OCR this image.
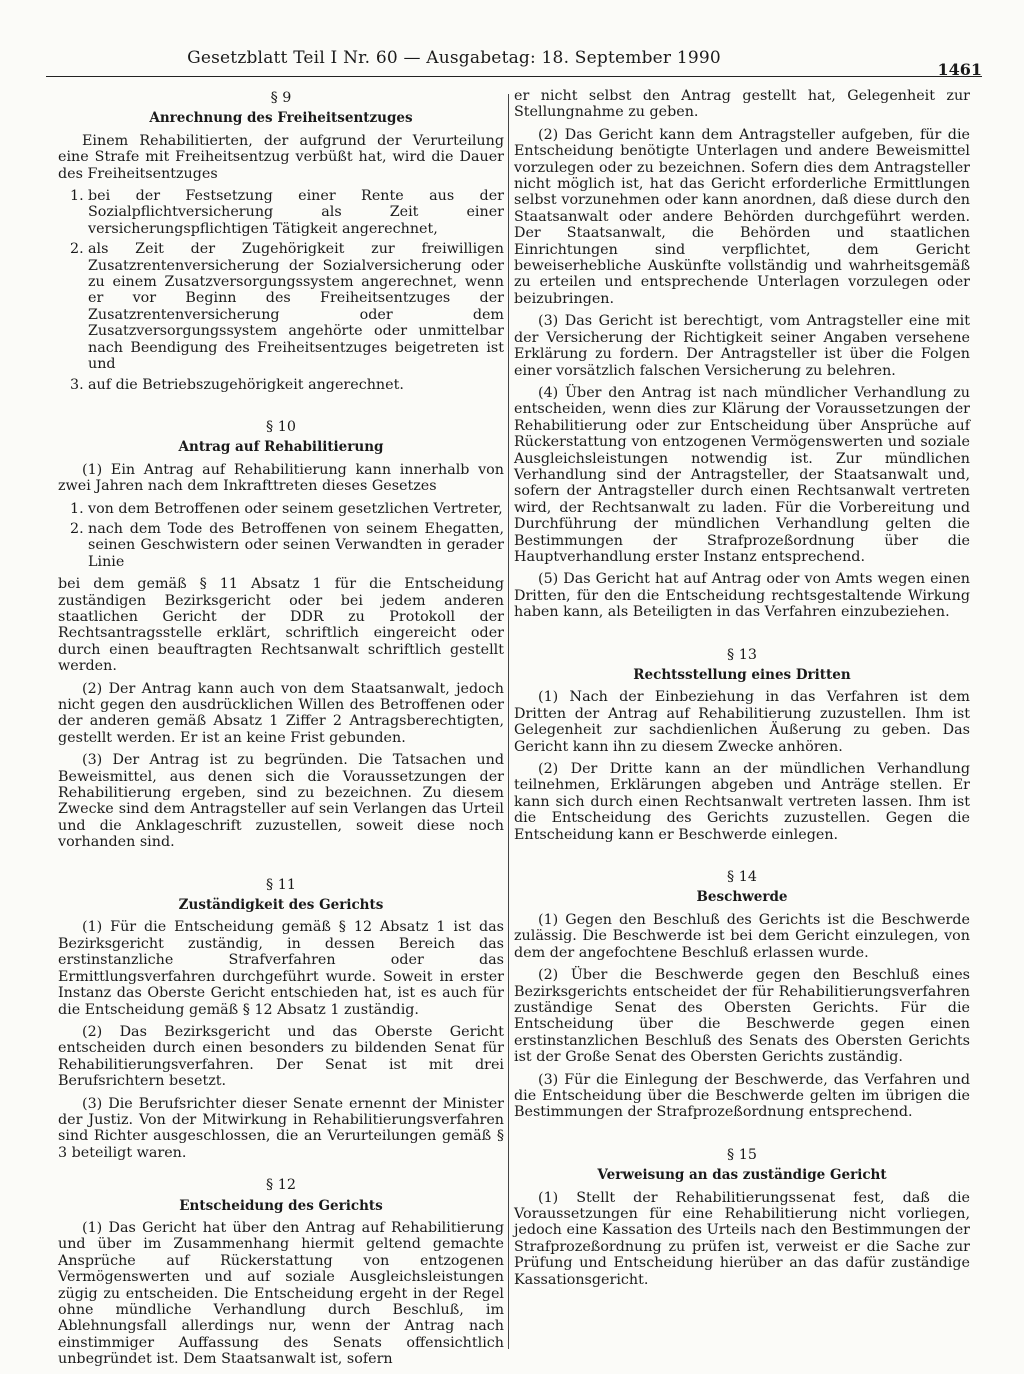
Gesetzblatt Teil I Nr. 60 — Ausgabetag: 18. September 1990
1461
§ 9
Anrechnung des Freiheitsentzuges

Einem Rehabilitierten, der aufgrund der Verurteilung eine Strafe mit Freiheitsentzug verbüßt hat, wird die Dauer des Freiheitsentzuges

1. bei der Festsetzung einer Rente aus der Sozialpflichtversicherung als Zeit einer versicherungspflichtigen Tätigkeit angerechnet,
2. als Zeit der Zugehörigkeit zur freiwilligen Zusatzrentenversicherung der Sozialversicherung oder zu einem Zusatzversorgungssystem angerechnet, wenn er vor Beginn des Freiheitsentzuges der Zusatzrentenversicherung oder dem Zusatzversorgungssystem angehörte oder unmittelbar nach Beendigung des Freiheitsentzuges beigetreten ist und
3. auf die Betriebszugehörigkeit angerechnet.
§ 10
Antrag auf Rehabilitierung

(1) Ein Antrag auf Rehabilitierung kann innerhalb von zwei Jahren nach dem Inkrafttreten dieses Gesetzes

1. von dem Betroffenen oder seinem gesetzlichen Vertreter,
2. nach dem Tode des Betroffenen von seinem Ehegatten, seinen Geschwistern oder seinen Verwandten in gerader Linie

bei dem gemäß § 11 Absatz 1 für die Entscheidung zuständigen Bezirksgericht oder bei jedem anderen staatlichen Gericht der DDR zu Protokoll der Rechtsantragsstelle erklärt, schriftlich eingereicht oder durch einen beauftragten Rechtsanwalt schriftlich gestellt werden.

(2) Der Antrag kann auch von dem Staatsanwalt, jedoch nicht gegen den ausdrücklichen Willen des Betroffenen oder der anderen gemäß Absatz 1 Ziffer 2 Antragsberechtigten, gestellt werden. Er ist an keine Frist gebunden.

(3) Der Antrag ist zu begründen. Die Tatsachen und Beweismittel, aus denen sich die Voraussetzungen der Rehabilitierung ergeben, sind zu bezeichnen. Zu diesem Zwecke sind dem Antragsteller auf sein Verlangen das Urteil und die Anklageschrift zuzustellen, soweit diese noch vorhanden sind.

§ 11
Zuständigkeit des Gerichts

(1) Für die Entscheidung gemäß § 12 Absatz 1 ist das Bezirksgericht zuständig, in dessen Bereich das erstinstanzliche Strafverfahren oder das Ermittlungsverfahren durchgeführt wurde. Soweit in erster Instanz das Oberste Gericht entschieden hat, ist es auch für die Entscheidung gemäß § 12 Absatz 1 zuständig.

(2) Das Bezirksgericht und das Oberste Gericht entscheiden durch einen besonders zu bildenden Senat für Rehabilitierungsverfahren. Der Senat ist mit drei Berufsrichtern besetzt.

(3) Die Berufsrichter dieser Senate ernennt der Minister der Justiz. Von der Mitwirkung in Rehabilitierungsverfahren sind Richter ausgeschlossen, die an Verurteilungen gemäß § 3 beteiligt waren.

§ 12
Entscheidung des Gerichts

(1) Das Gericht hat über den Antrag auf Rehabilitierung und über im Zusammenhang hiermit geltend gemachte Ansprüche auf Rückerstattung von entzogenen Vermögenswerten und auf soziale Ausgleichsleistungen zügig zu entscheiden. Die Entscheidung ergeht in der Regel ohne mündliche Verhandlung durch Beschluß, im Ablehnungsfall allerdings nur, wenn der Antrag nach einstimmiger Auffassung des Senats offensichtlich unbegründet ist. Dem Staatsanwalt ist, sofern

er nicht selbst den Antrag gestellt hat, Gelegenheit zur Stellungnahme zu geben.

(2) Das Gericht kann dem Antragsteller aufgeben, für die Entscheidung benötigte Unterlagen und andere Beweismittel vorzulegen oder zu bezeichnen. Sofern dies dem Antragsteller nicht möglich ist, hat das Gericht erforderliche Ermittlungen selbst vorzunehmen oder kann anordnen, daß diese durch den Staatsanwalt oder andere Behörden durchgeführt werden. Der Staatsanwalt, die Behörden und staatlichen Einrichtungen sind verpflichtet, dem Gericht beweiserhebliche Auskünfte vollständig und wahrheitsgemäß zu erteilen und entsprechende Unterlagen vorzulegen oder beizubringen.

(3) Das Gericht ist berechtigt, vom Antragsteller eine mit der Versicherung der Richtigkeit seiner Angaben versehene Erklärung zu fordern. Der Antragsteller ist über die Folgen einer vorsätzlich falschen Versicherung zu belehren.

(4) Über den Antrag ist nach mündlicher Verhandlung zu entscheiden, wenn dies zur Klärung der Voraussetzungen der Rehabilitierung oder zur Entscheidung über Ansprüche auf Rückerstattung von entzogenen Vermögenswerten und soziale Ausgleichsleistungen notwendig ist. Zur mündlichen Verhandlung sind der Antragsteller, der Staatsanwalt und, sofern der Antragsteller durch einen Rechtsanwalt vertreten wird, der Rechtsanwalt zu laden. Für die Vorbereitung und Durchführung der mündlichen Verhandlung gelten die Bestimmungen der Strafprozeßordnung über die Hauptverhandlung erster Instanz entsprechend.

(5) Das Gericht hat auf Antrag oder von Amts wegen einen Dritten, für den die Entscheidung rechtsgestaltende Wirkung haben kann, als Beteiligten in das Verfahren einzubeziehen.

§ 13
Rechtsstellung eines Dritten

(1) Nach der Einbeziehung in das Verfahren ist dem Dritten der Antrag auf Rehabilitierung zuzustellen. Ihm ist Gelegenheit zur sachdienlichen Äußerung zu geben. Das Gericht kann ihn zu diesem Zwecke anhören.

(2) Der Dritte kann an der mündlichen Verhandlung teilnehmen, Erklärungen abgeben und Anträge stellen. Er kann sich durch einen Rechtsanwalt vertreten lassen. Ihm ist die Entscheidung des Gerichts zuzustellen. Gegen die Entscheidung kann er Beschwerde einlegen.

§ 14
Beschwerde

(1) Gegen den Beschluß des Gerichts ist die Beschwerde zulässig. Die Beschwerde ist bei dem Gericht einzulegen, von dem der angefochtene Beschluß erlassen wurde.

(2) Über die Beschwerde gegen den Beschluß eines Bezirksgerichts entscheidet der für Rehabilitierungsverfahren zuständige Senat des Obersten Gerichts. Für die Entscheidung über die Beschwerde gegen einen erstinstanzlichen Beschluß des Senats des Obersten Gerichts ist der Große Senat des Obersten Gerichts zuständig.

(3) Für die Einlegung der Beschwerde, das Verfahren und die Entscheidung über die Beschwerde gelten im übrigen die Bestimmungen der Strafprozeßordnung entsprechend.

§ 15
Verweisung an das zuständige Gericht

(1) Stellt der Rehabilitierungssenat fest, daß die Voraussetzungen für eine Rehabilitierung nicht vorliegen, jedoch eine Kassation des Urteils nach den Bestimmungen der Strafprozeßordnung zu prüfen ist, verweist er die Sache zur Prüfung und Entscheidung hierüber an das dafür zuständige Kassationsgericht.
